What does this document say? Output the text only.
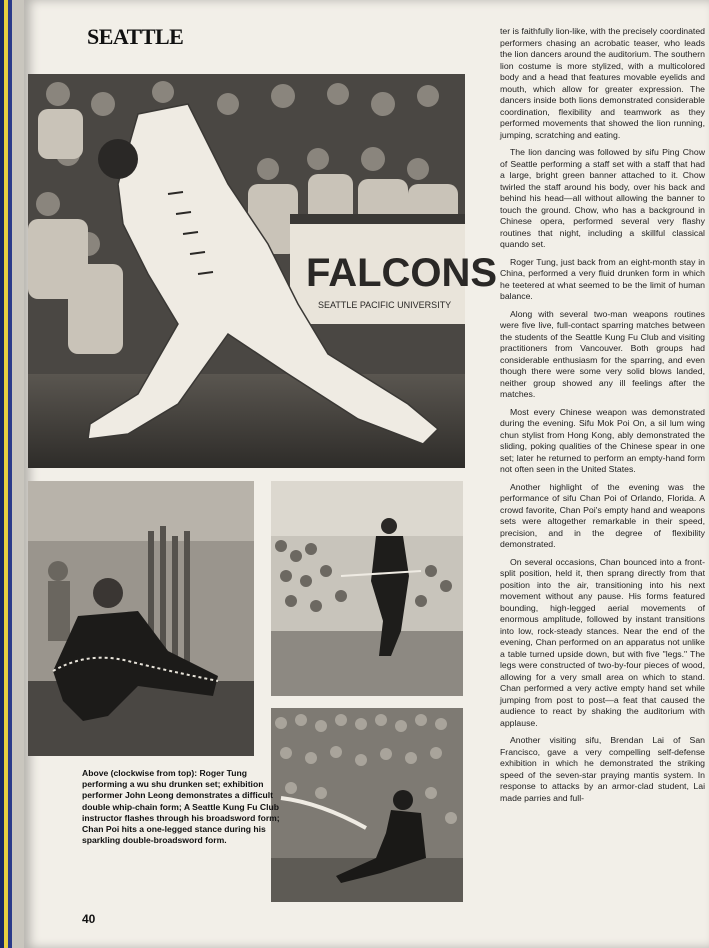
SEATTLE
FALCONS
SEATTLE PACIFIC UNIVERSITY
Above (clockwise from top): Roger Tung performing a wu shu drunken set; exhibition performer John Leong demonstrates a difficult double whip-chain form; A Seattle Kung Fu Club instructor flashes through his broadsword form; Chan Poi hits a one-legged stance during his sparkling double-broadsword form.
40

ter is faithfully lion-like, with the precisely coordinated performers chasing an acrobatic teaser, who leads the lion dancers around the auditorium. The southern lion costume is more stylized, with a multicolored body and a head that features movable eyelids and mouth, which allow for greater expression. The dancers inside both lions demonstrated considerable coordination, flexibility and teamwork as they performed movements that showed the lion running, jumping, scratching and eating.

The lion dancing was followed by sifu Ping Chow of Seattle performing a staff set with a staff that had a large, bright green banner attached to it. Chow twirled the staff around his body, over his back and behind his head—all without allowing the banner to touch the ground. Chow, who has a background in Chinese opera, performed several very flashy routines that night, including a skillful classical quando set.

Roger Tung, just back from an eight-month stay in China, performed a very fluid drunken form in which he teetered at what seemed to be the limit of human balance.

Along with several two-man weapons routines were five live, full-contact sparring matches between the students of the Seattle Kung Fu Club and visiting practitioners from Vancouver. Both groups had considerable enthusiasm for the sparring, and even though there were some very solid blows landed, neither group showed any ill feelings after the matches.

Most every Chinese weapon was demonstrated during the evening. Sifu Mok Poi On, a sil lum wing chun stylist from Hong Kong, ably demonstrated the sliding, poking qualities of the Chinese spear in one set; later he returned to perform an empty-hand form not often seen in the United States.

Another highlight of the evening was the performance of sifu Chan Poi of Orlando, Florida. A crowd favorite, Chan Poi's empty hand and weapons sets were altogether remarkable in their speed, precision, and in the degree of flexibility demonstrated.

On several occasions, Chan bounced into a front-split position, held it, then sprang directly from that position into the air, transitioning into his next movement without any pause. His forms featured bounding, high-legged aerial movements of enormous amplitude, followed by instant transitions into low, rock-steady stances. Near the end of the evening, Chan performed on an apparatus not unlike a table turned upside down, but with five "legs." The legs were constructed of two-by-four pieces of wood, allowing for a very small area on which to stand. Chan performed a very active empty hand set while jumping from post to post—a feat that caused the audience to react by shaking the auditorium with applause.

Another visiting sifu, Brendan Lai of San Francisco, gave a very compelling self-defense exhibition in which he demonstrated the striking speed of the seven-star praying mantis system. In response to attacks by an armor-clad student, Lai made parries and full-
